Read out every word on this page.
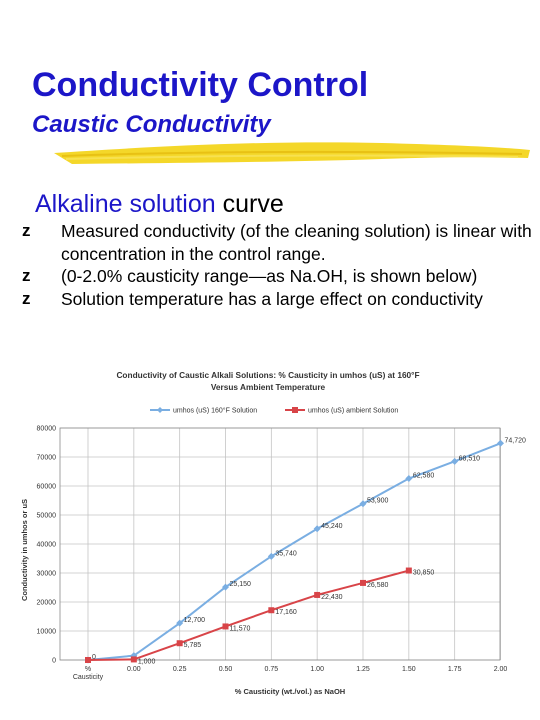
Conductivity Control
Caustic Conductivity
Alkaline solution curve
z	Measured conductivity (of the cleaning solution) is linear with concentration in the control range.
z	(0-2.0% causticity range—as Na.OH, is shown below)
z	Solution temperature has a large effect on conductivity
Conductivity of Caustic Alkali Solutions: % Causticity in umhos (uS) at 160°F
Versus Ambient Temperature
umhos (uS) 160°F Solution	umhos (uS) ambient Solution
0
10000
20000
30000
40000
50000
60000
70000
80000
%
Causticity
0.00	0.25	0.50	0.75	1.00	1.25	1.50	1.75	2.00
0
12,700
25,150
35,740
45,240
53,900
62,580
68,510
74,720
1,000
5,785
11,570
17,160
22,430
26,580
30,850
% Causticity (wt./vol.) as NaOH
Conductivity in umhos or uS
